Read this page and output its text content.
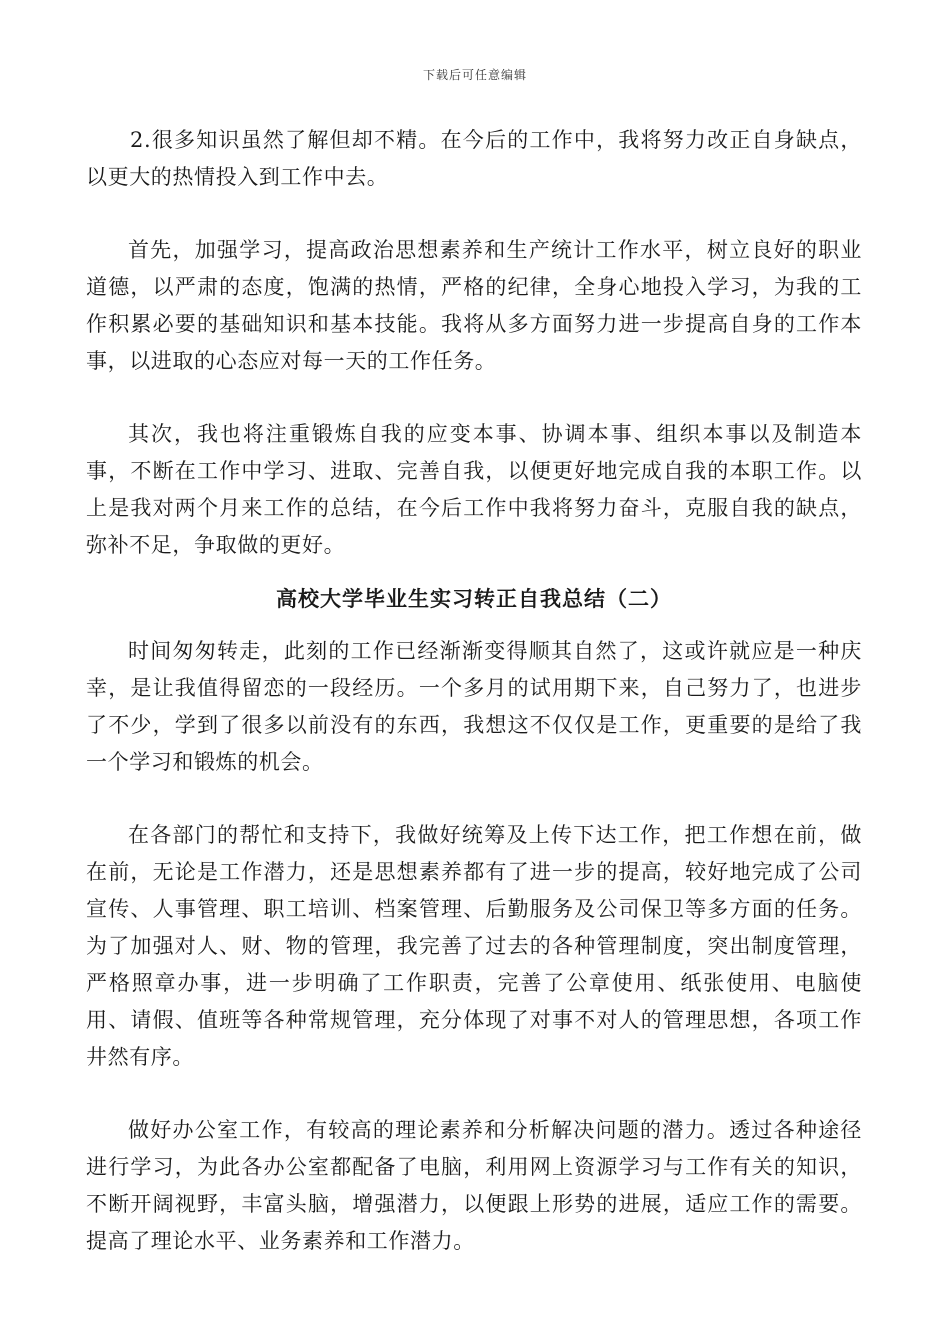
下载后可任意编辑

2.很多知识虽然了解但却不精。在今后的工作中，我将努力改正自身缺点，以更大的热情投入到工作中去。

首先，加强学习，提高政治思想素养和生产统计工作水平，树立良好的职业道德，以严肃的态度，饱满的热情，严格的纪律，全身心地投入学习，为我的工作积累必要的基础知识和基本技能。我将从多方面努力进一步提高自身的工作本事，以进取的心态应对每一天的工作任务。

其次，我也将注重锻炼自我的应变本事、协调本事、组织本事以及制造本事，不断在工作中学习、进取、完善自我，以便更好地完成自我的本职工作。以上是我对两个月来工作的总结，在今后工作中我将努力奋斗，克服自我的缺点，弥补不足，争取做的更好。

高校大学毕业生实习转正自我总结（二）

时间匆匆转走，此刻的工作已经渐渐变得顺其自然了，这或许就应是一种庆幸，是让我值得留恋的一段经历。一个多月的试用期下来，自己努力了，也进步了不少，学到了很多以前没有的东西，我想这不仅仅是工作，更重要的是给了我一个学习和锻炼的机会。

在各部门的帮忙和支持下，我做好统筹及上传下达工作，把工作想在前，做在前，无论是工作潜力，还是思想素养都有了进一步的提高，较好地完成了公司宣传、人事管理、职工培训、档案管理、后勤服务及公司保卫等多方面的任务。为了加强对人、财、物的管理，我完善了过去的各种管理制度，突出制度管理，严格照章办事，进一步明确了工作职责，完善了公章使用、纸张使用、电脑使用、请假、值班等各种常规管理，充分体现了对事不对人的管理思想，各项工作井然有序。

做好办公室工作，有较高的理论素养和分析解决问题的潜力。透过各种途径进行学习，为此各办公室都配备了电脑，利用网上资源学习与工作有关的知识，不断开阔视野，丰富头脑，增强潜力，以便跟上形势的进展，适应工作的需要。提高了理论水平、业务素养和工作潜力。
